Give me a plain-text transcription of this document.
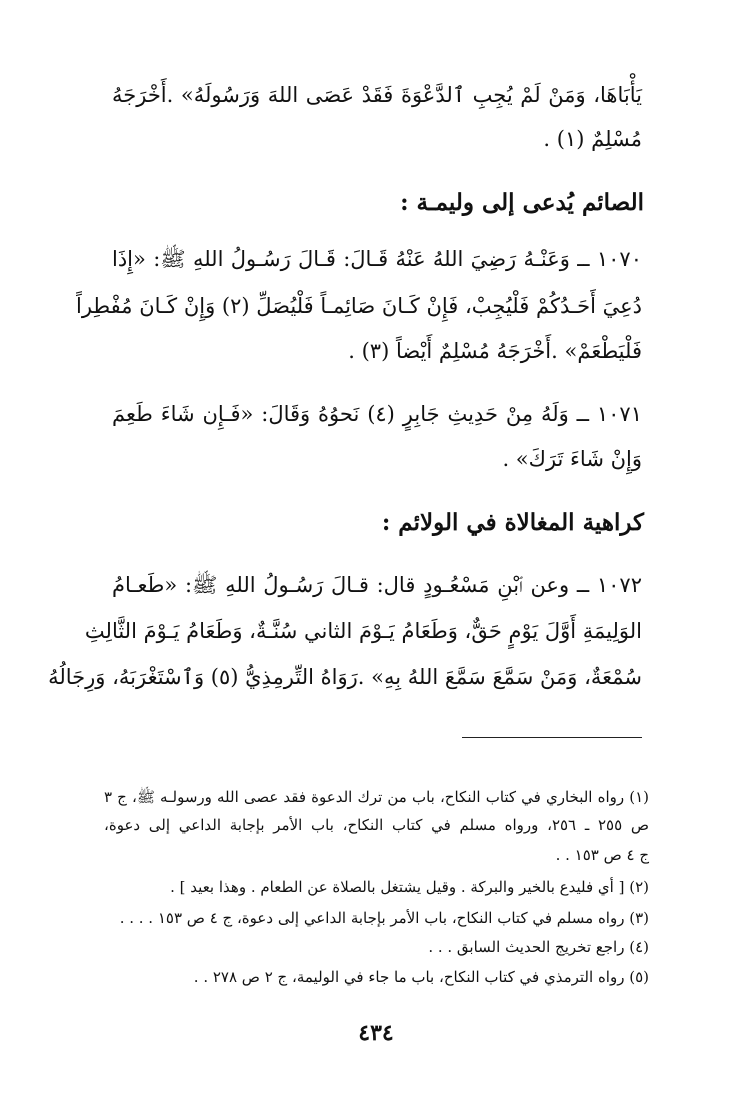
يَأْبَاهَا، وَمَنْ لَمْ يُجِبِ ٱلدَّعْوَةَ فَقَدْ عَصَى اللهَ وَرَسُولَهُ» .أَخْرَجَهُ
مُسْلِمٌ (١) .
الصائم يُدعى إلى وليمـة :
١٠٧٠ ــ وَعَنْـهُ رَضِيَ اللهُ عَنْهُ قَـالَ: قَـالَ رَسُـولُ اللهِ ﷺ: «إِذَا
دُعِيَ أَحَـدُكُمْ فَلْيُجِبْ، فَإِنْ كَـانَ صَائِمـاً فَلْيُصَلِّ (٢) وَإِنْ كَـانَ مُفْطِراً
فَلْيَطْعَمْ» .أَخْرَجَهُ مُسْلِمٌ أَيْضاً (٣) .
١٠٧١ ــ وَلَهُ مِنْ حَدِيثِ جَابِرٍ (٤) نَحوُهُ وَقَالَ: «فَـإِن شَاءَ طَعِمَ
وَإِنْ شَاءَ تَرَكَ» .
كراهية المغالاة في الولائم :
١٠٧٢ ــ وعن ٱبْنِ مَسْعُـودٍ قال: قـالَ رَسُـولُ اللهِ ﷺ: «طَعـامُ
الوَلِيمَةِ أَوَّلَ يَوْمٍ حَقٌّ، وَطَعَامُ يَـوْمَ الثاني سُنَّـةٌ، وَطَعَامُ يَـوْمَ الثَّالِثِ
سُمْعَةٌ، وَمَنْ سَمَّعَ سَمَّعَ اللهُ بِهِ» .رَوَاهُ التِّرمِذِيُّ (٥) وَٱسْتَغْرَبَهُ، وَرِجَالُهُ
(١) رواه البخاري في كتاب النكاح، باب من ترك الدعوة فقد عصى الله ورسولـه ﷺ، ج ٣
ص ٢٥٥ ـ ٢٥٦، ورواه مسلم في كتاب النكاح، باب الأمر بإجابة الداعي إلى دعوة،
ج ٤ ص ١٥٣ . .
(٢) [ أي فليدع بالخير والبركة . وقيل يشتغل بالصلاة عن الطعام . وهذا بعيد ] .
(٣) رواه مسلم في كتاب النكاح، باب الأمر بإجابة الداعي إلى دعوة، ج ٤ ص ١٥٣ . . . .
(٤) راجع تخريج الحديث السابق . . .
(٥) رواه الترمذي في كتاب النكاح، باب ما جاء في الوليمة، ج ٢ ص ٢٧٨ . .
٤٣٤
